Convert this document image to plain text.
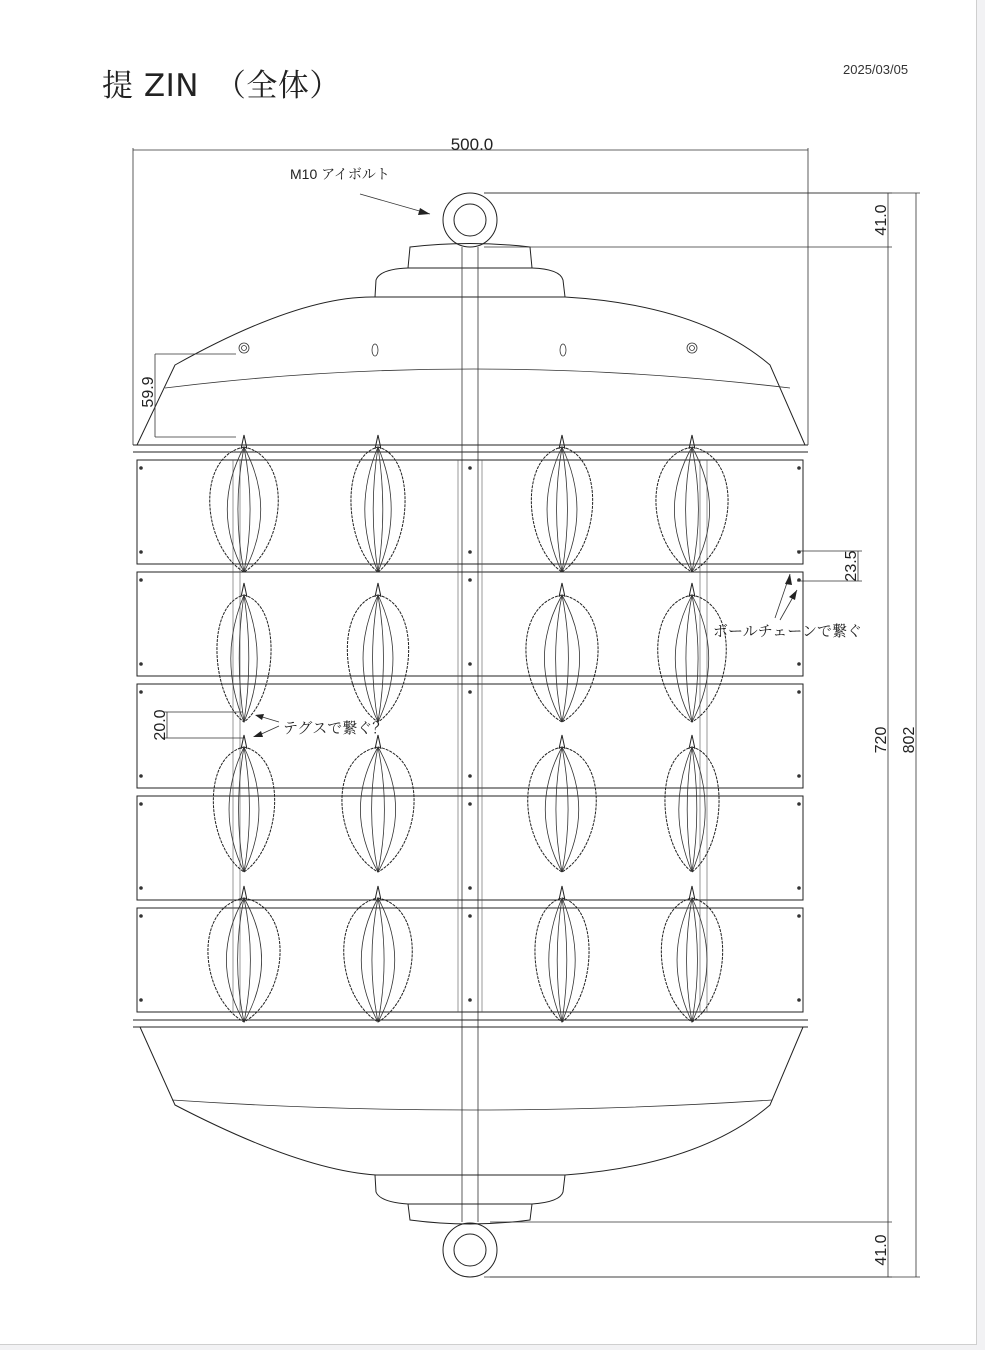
提 ZIN　（全体）	2025/03/05
500.0
M10 アイボルト
59.9
41.0
41.0
802
720
23.5
ボールチェーンで繋ぐ
20.0	テグスで繋ぐ？
